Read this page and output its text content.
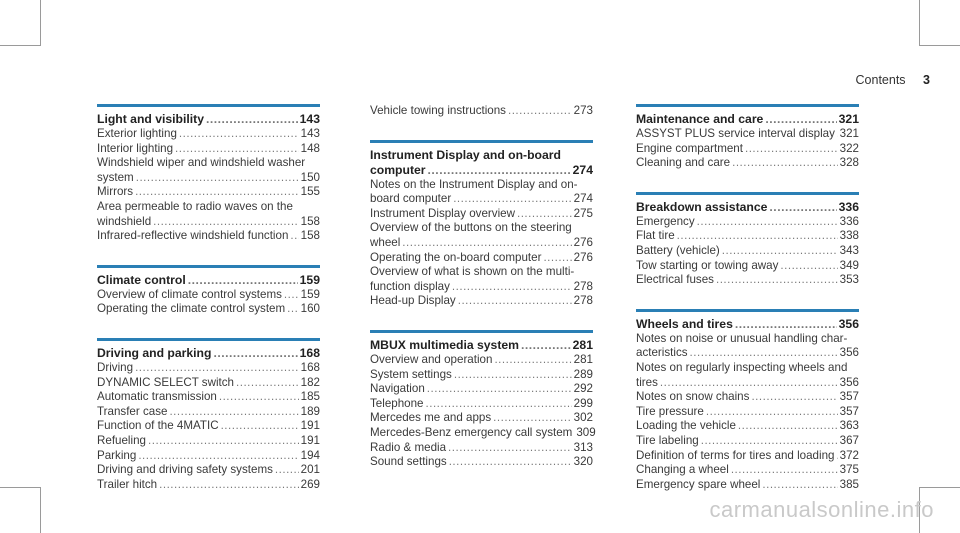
Contents 3
Light and visibility .....	143
Exterior lighting .....	143
Interior lighting .....	148
Windshield wiper and windshield washer
system .....	150
Mirrors .....	155
Area permeable to radio waves on the
windshield .....	158
Infrared-reflective windshield function ..... 158
Climate control .....	159
Overview of climate control systems ..... 159
Operating the climate control system ..... 160
Driving and parking .....	168
Driving .....	168
DYNAMIC SELECT switch .....	182
Automatic transmission .....	185
Transfer case .....	189
Function of the 4MATIC .....	191
Refueling .....	191
Parking .....	194
Driving and driving safety systems ..... 201
Trailer hitch .....	269
Vehicle towing instructions .....	273
Instrument Display and on-board
computer .....	274
Notes on the Instrument Display and on-
board computer .....	274
Instrument Display overview .....	275
Overview of the buttons on the steering
wheel .....	276
Operating the on-board computer .....	276
Overview of what is shown on the multi-
function display .....	278
Head-up Display .....	278
MBUX multimedia system .....	281
Overview and operation .....	281
System settings .....	289
Navigation .....	292
Telephone .....	299
Mercedes me and apps .....	302
Mercedes-Benz emergency call system 309
Radio & media .....	313
Sound settings .....	320
Maintenance and care .....	321
ASSYST PLUS service interval display ..... 321
Engine compartment .....	322
Cleaning and care .....	328
Breakdown assistance .....	336
Emergency .....	336
Flat tire .....	338
Battery (vehicle) .....	343
Tow starting or towing away .....	349
Electrical fuses .....	353
Wheels and tires .....	356
Notes on noise or unusual handling char-
acteristics .....	356
Notes on regularly inspecting wheels and
tires .....	356
Notes on snow chains .....	357
Tire pressure .....	357
Loading the vehicle .....	363
Tire labeling .....	367
Definition of terms for tires and loading ..... 372
Changing a wheel .....	375
Emergency spare wheel .....	385
carmanualsonline.info
